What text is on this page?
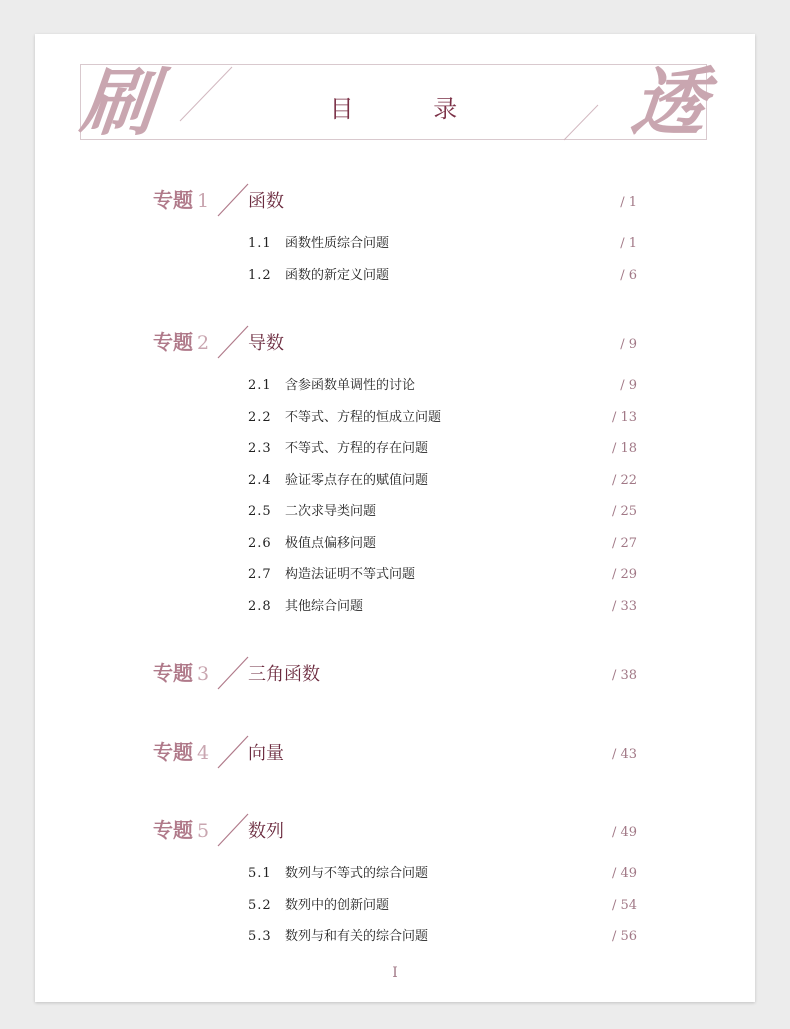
刷	目 录	透
专题 1 函数	/ 1
1.1 函数性质综合问题	/ 1
1.2 函数的新定义问题	/ 6
专题 2 导数	/ 9
2.1 含参函数单调性的讨论	/ 9
2.2 不等式、方程的恒成立问题	/ 13
2.3 不等式、方程的存在问题	/ 18
2.4 验证零点存在的赋值问题	/ 22
2.5 二次求导类问题	/ 25
2.6 极值点偏移问题	/ 27
2.7 构造法证明不等式问题	/ 29
2.8 其他综合问题	/ 33
专题 3 三角函数	/ 38
专题 4 向量	/ 43
专题 5 数列	/ 49
5.1 数列与不等式的综合问题	/ 49
5.2 数列中的创新问题	/ 54
5.3 数列与和有关的综合问题	/ 56
I
